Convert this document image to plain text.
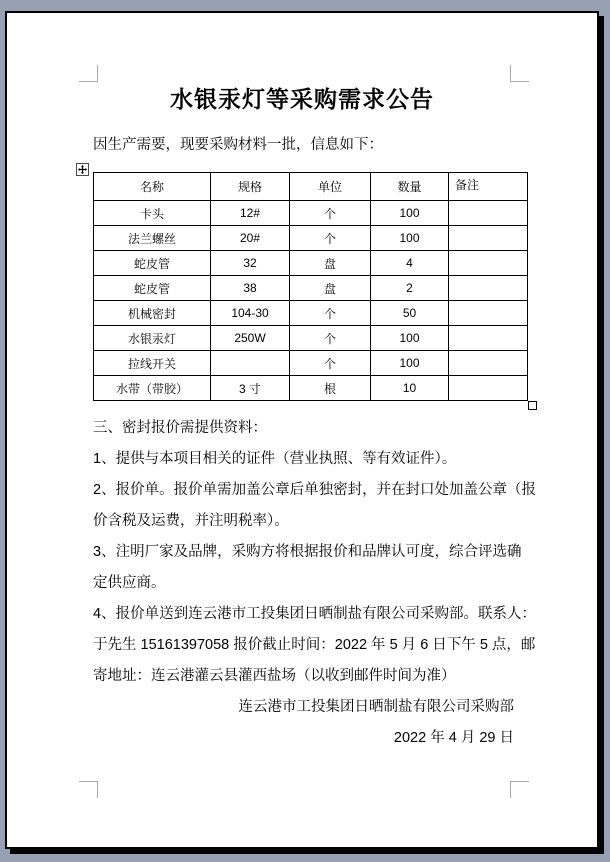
水银汞灯等采购需求公告
因生产需要，现要采购材料一批，信息如下：
名称	规格	单位	数量	备注
卡头	12#	个	100	
法兰螺丝	20#	个	100	
蛇皮管	32	盘	4	
蛇皮管	38	盘	2	
机械密封	104-30	个	50	
水银汞灯	250W	个	100	
拉线开关		个	100	
水带（带胶）	3 寸	根	10	
三、密封报价需提供资料：
1、提供与本项目相关的证件（营业执照、等有效证件）。
2、报价单。报价单需加盖公章后单独密封，并在封口处加盖公章（报
价含税及运费，并注明税率）。
3、注明厂家及品牌，采购方将根据报价和品牌认可度，综合评选确
定供应商。
4、报价单送到连云港市工投集团日晒制盐有限公司采购部。联系人：
于先生 15161397058 报价截止时间：2022 年 5 月 6 日下午 5 点，邮
寄地址：连云港灌云县灌西盐场（以收到邮件时间为准）
连云港市工投集团日晒制盐有限公司采购部
2022 年 4 月 29 日
